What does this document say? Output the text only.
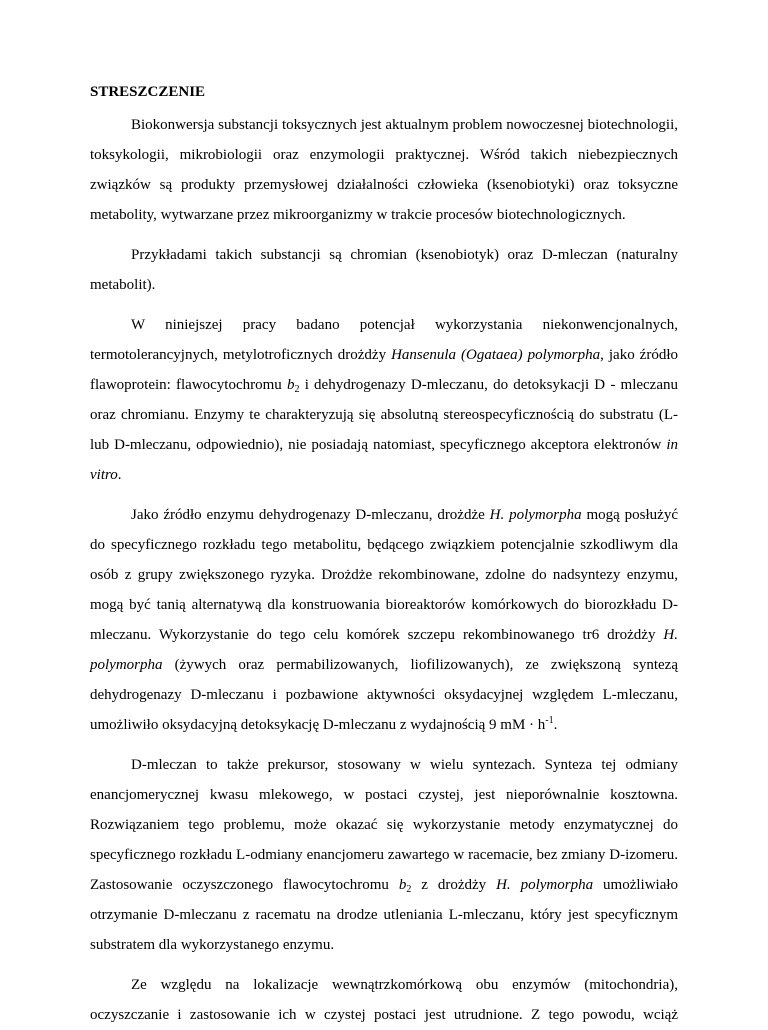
STRESZCZENIE

Biokonwersja substancji toksycznych jest aktualnym problem nowoczesnej biotechnologii, toksykologii, mikrobiologii oraz enzymologii praktycznej. Wśród takich niebezpiecznych związków są produkty przemysłowej działalności człowieka (ksenobiotyki) oraz toksyczne metabolity, wytwarzane przez mikroorganizmy w trakcie procesów biotechnologicznych.

Przykładami takich substancji są chromian (ksenobiotyk) oraz D-mleczan (naturalny metabolit).

W niniejszej pracy badano potencjał wykorzystania niekonwencjonalnych, termotolerancyjnych, metylotroficznych drożdży Hansenula (Ogataea) polymorpha, jako źródło flawoprotein: flawocytochromu $b_2$ i dehydrogenazy D-mleczanu, do detoksykacji D - mleczanu oraz chromianu. Enzymy te charakteryzują się absolutną stereospecyficznością do substratu (L- lub D-mleczanu, odpowiednio), nie posiadają natomiast, specyficznego akceptora elektronów in vitro.

Jako źródło enzymu dehydrogenazy D-mleczanu, drożdże H. polymorpha mogą posłużyć do specyficznego rozkładu tego metabolitu, będącego związkiem potencjalnie szkodliwym dla osób z grupy zwiększonego ryzyka. Drożdże rekombinowane, zdolne do nadsyntezy enzymu, mogą być tanią alternatywą dla konstruowania bioreaktorów komórkowych do biorozkładu D-mleczanu. Wykorzystanie do tego celu komórek szczepu rekombinowanego tr6 drożdży H. polymorpha (żywych oraz permabilizowanych, liofilizowanych), ze zwiększoną syntezą dehydrogenazy D-mleczanu i pozbawione aktywności oksydacyjnej względem L-mleczanu, umożliwiło oksydacyjną detoksykację D-mleczanu z wydajnością 9 mM · $h^{-1}$.

D-mleczan to także prekursor, stosowany w wielu syntezach. Synteza tej odmiany enancjomerycznej kwasu mlekowego, w postaci czystej, jest nieporównalnie kosztowna. Rozwiązaniem tego problemu, może okazać się wykorzystanie metody enzymatycznej do specyficznego rozkładu L-odmiany enancjomeru zawartego w racemacie, bez zmiany D-izomeru. Zastosowanie oczyszczonego flawocytochromu $b_2$ z drożdży H. polymorpha umożliwiało otrzymanie D-mleczanu z racematu na drodze utleniania L-mleczanu, który jest specyficznym substratem dla wykorzystanego enzymu.

Ze względu na lokalizacje wewnątrzkomórkową obu enzymów (mitochondria), oczyszczanie i zastosowanie ich w czystej postaci jest utrudnione. Z tego powodu, wciąż
